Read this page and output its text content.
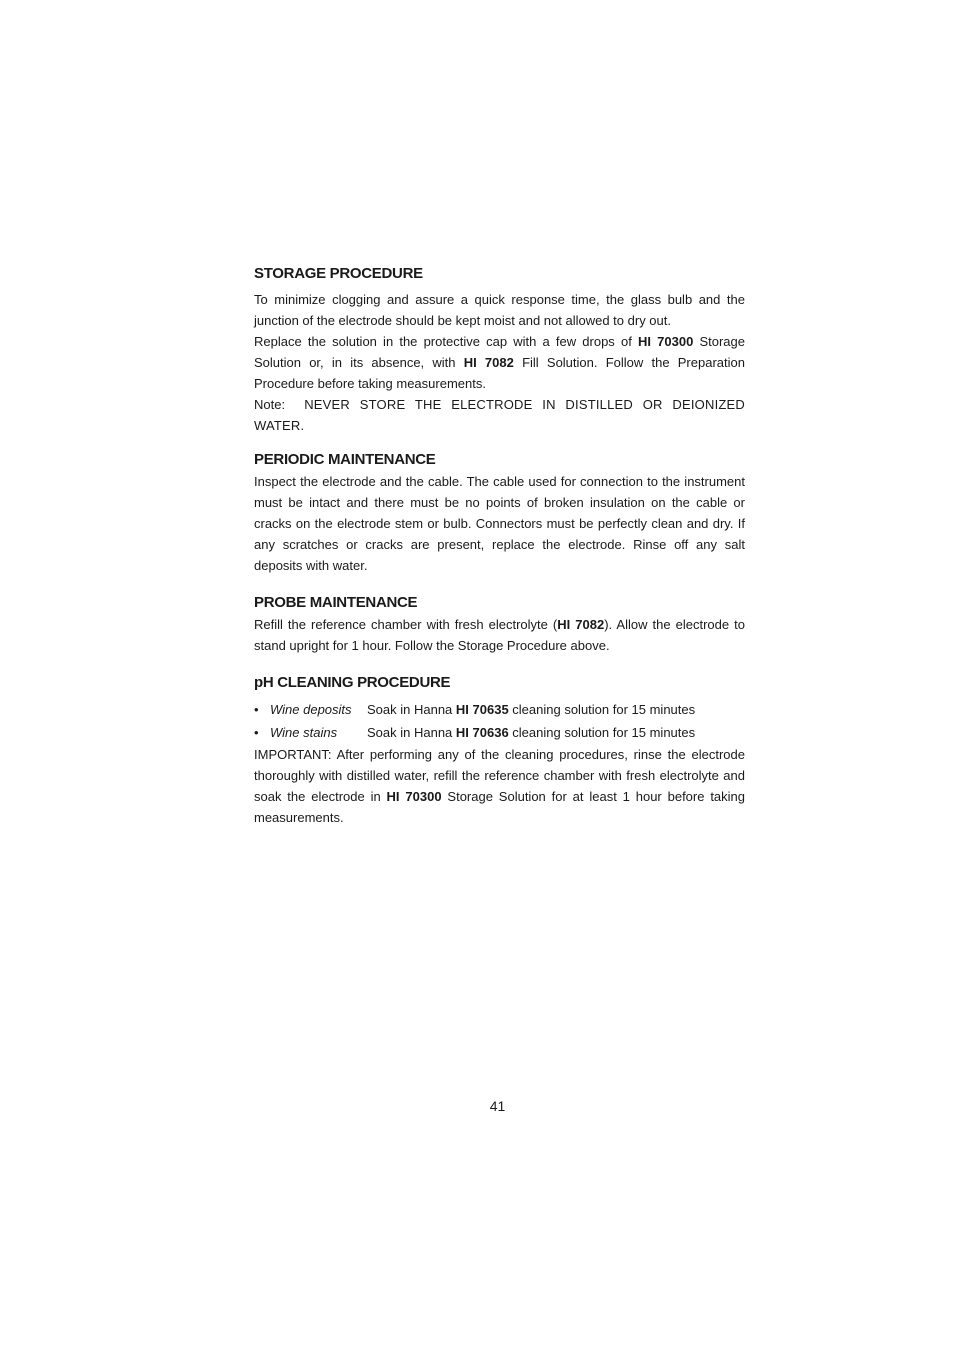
STORAGE PROCEDURE

To minimize clogging and assure a quick response time, the glass bulb and the junction of the electrode should be kept moist and not allowed to dry out.

Replace the solution in the protective cap with a few drops of HI 70300 Storage Solution or, in its absence, with HI 7082 Fill Solution. Follow the Preparation Procedure before taking measurements.

Note: NEVER STORE THE ELECTRODE IN DISTILLED OR DEIONIZED WATER.

PERIODIC MAINTENANCE

Inspect the electrode and the cable. The cable used for connection to the instrument must be intact and there must be no points of broken insulation on the cable or cracks on the electrode stem or bulb. Connectors must be perfectly clean and dry. If any scratches or cracks are present, replace the electrode. Rinse off any salt deposits with water.

PROBE MAINTENANCE

Refill the reference chamber with fresh electrolyte (HI 7082). Allow the electrode to stand upright for 1 hour. Follow the Storage Procedure above.

pH CLEANING PROCEDURE
• Wine deposits	Soak in Hanna HI 70635 cleaning solution for 15 minutes
• Wine stains	Soak in Hanna HI 70636 cleaning solution for 15 minutes

IMPORTANT: After performing any of the cleaning procedures, rinse the electrode thoroughly with distilled water, refill the reference chamber with fresh electrolyte and soak the electrode in HI 70300 Storage Solution for at least 1 hour before taking measurements.

41
